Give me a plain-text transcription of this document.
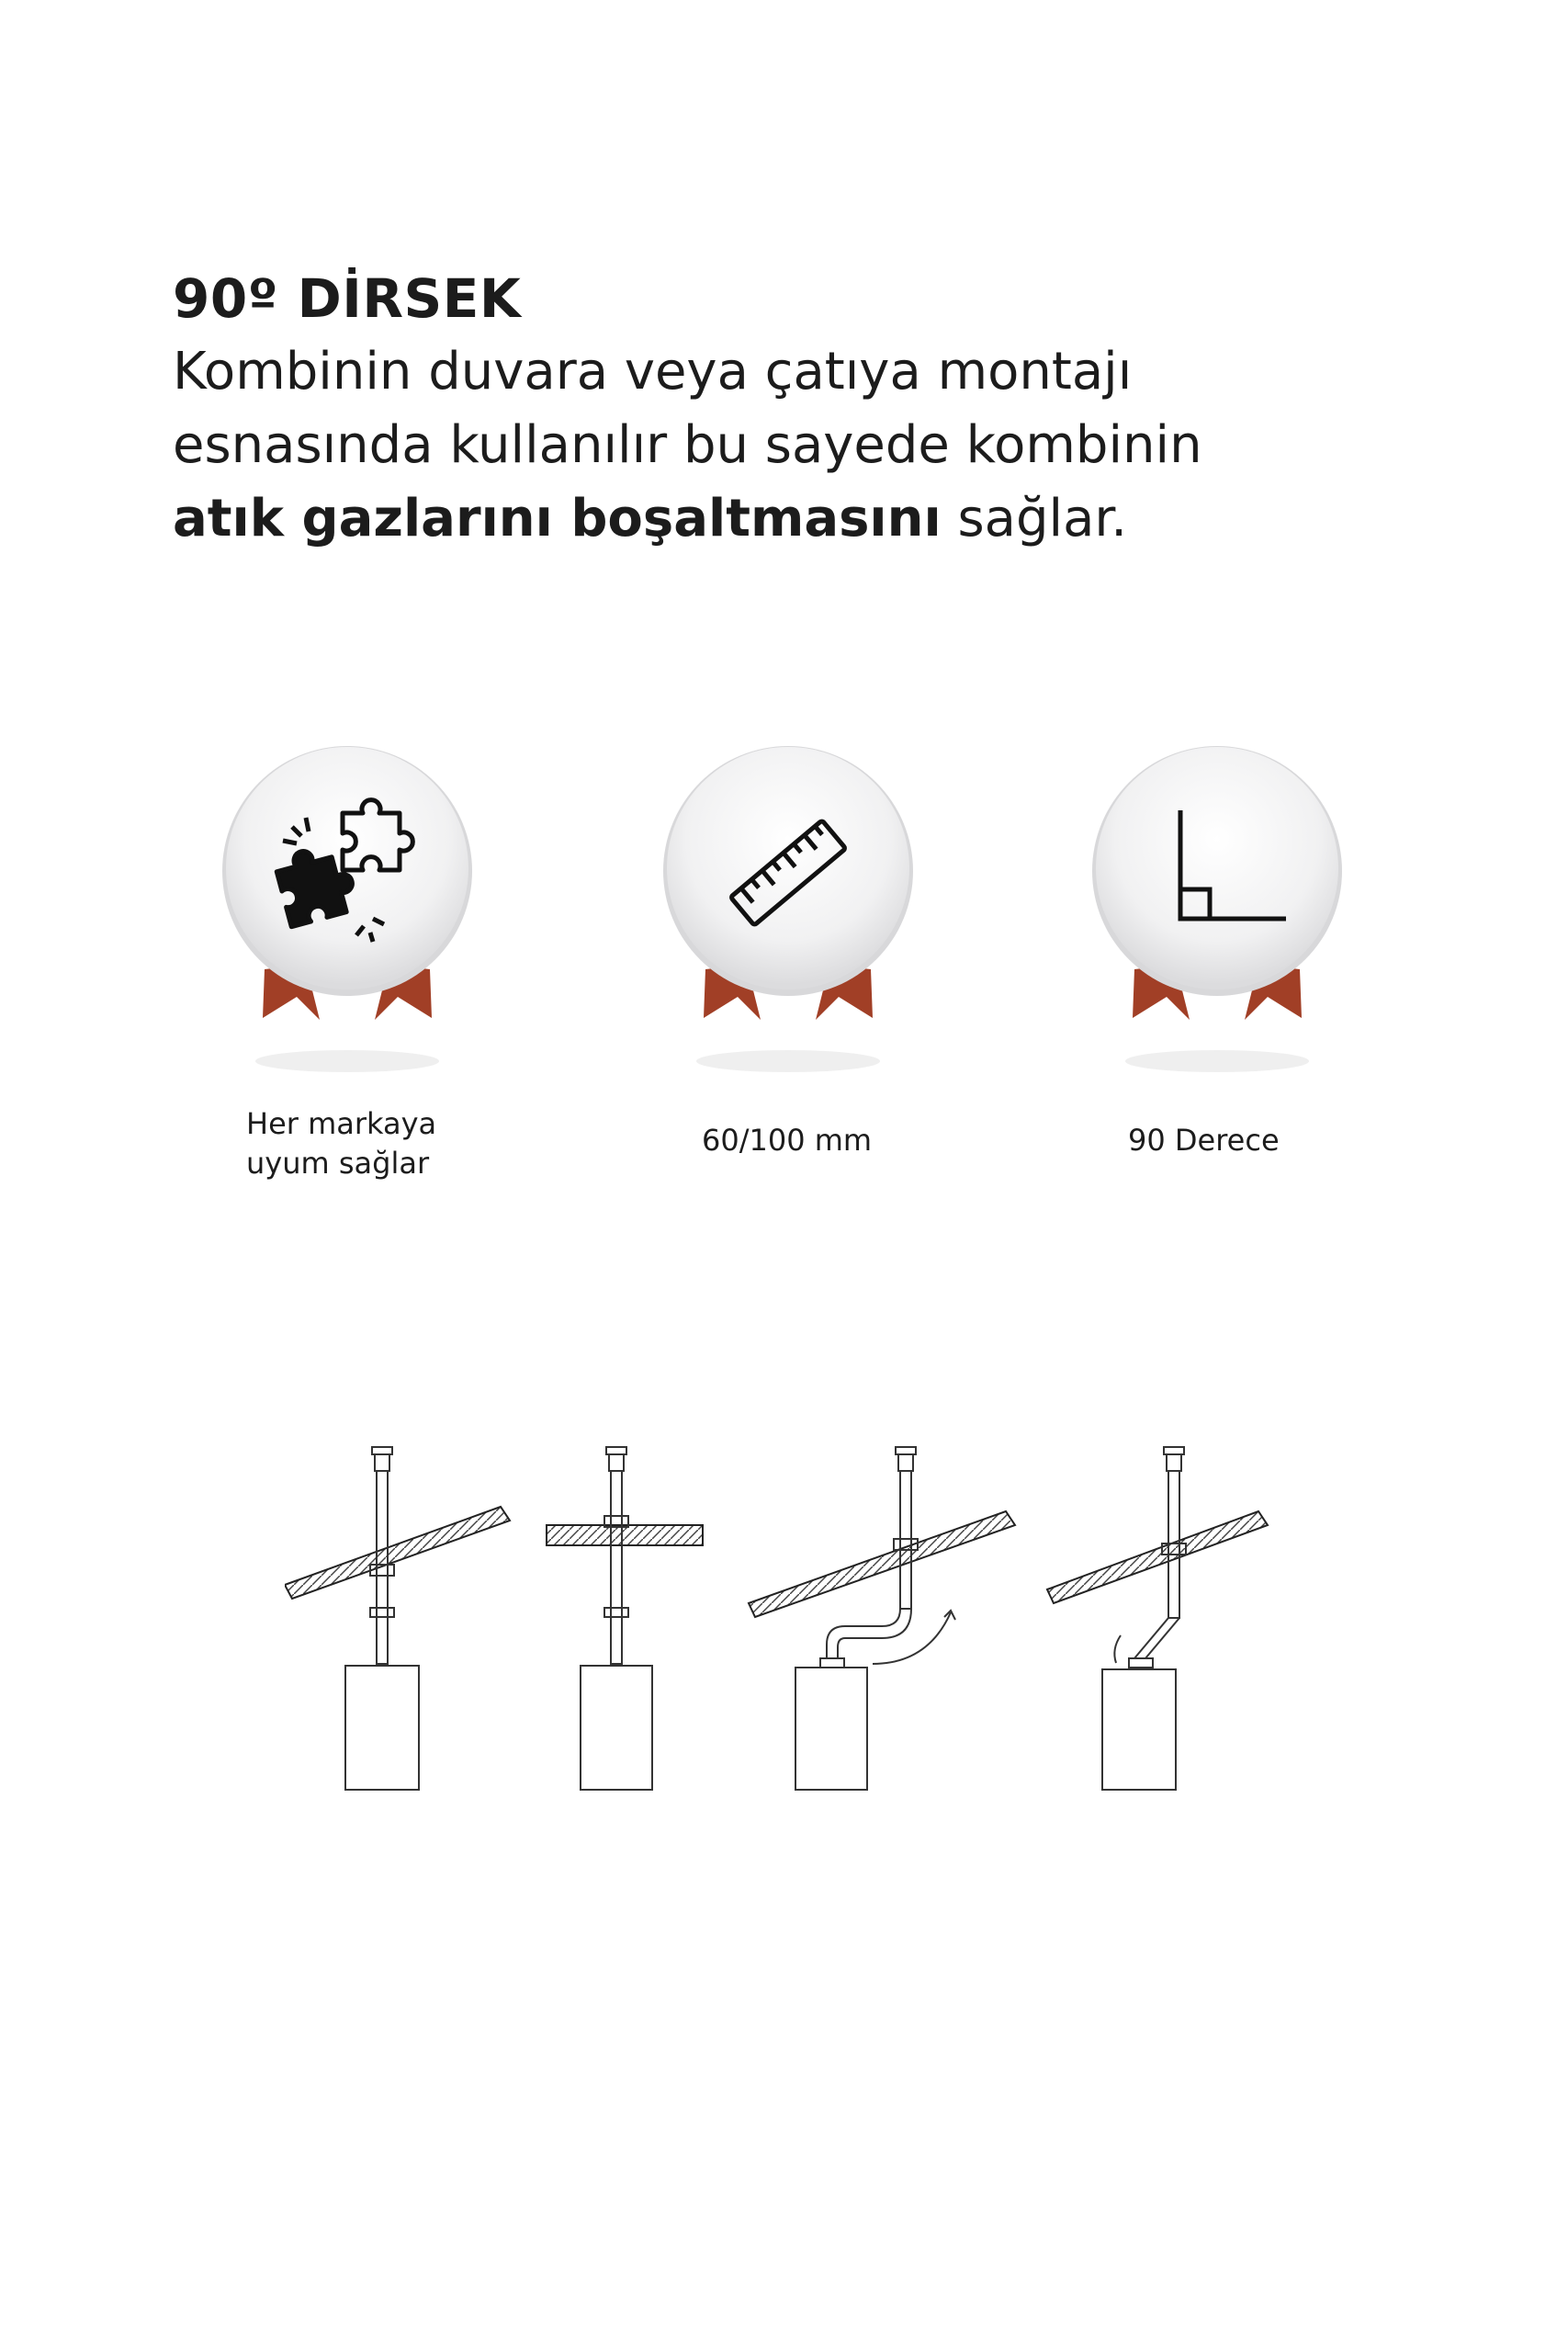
90º DİRSEK

Kombinin duvara veya çatıya montajı
esnasında kullanılır bu sayede kombinin
atık gazlarını boşaltmasını sağlar.

Her markaya
uyum sağlar
60/100 mm	90 Derece
